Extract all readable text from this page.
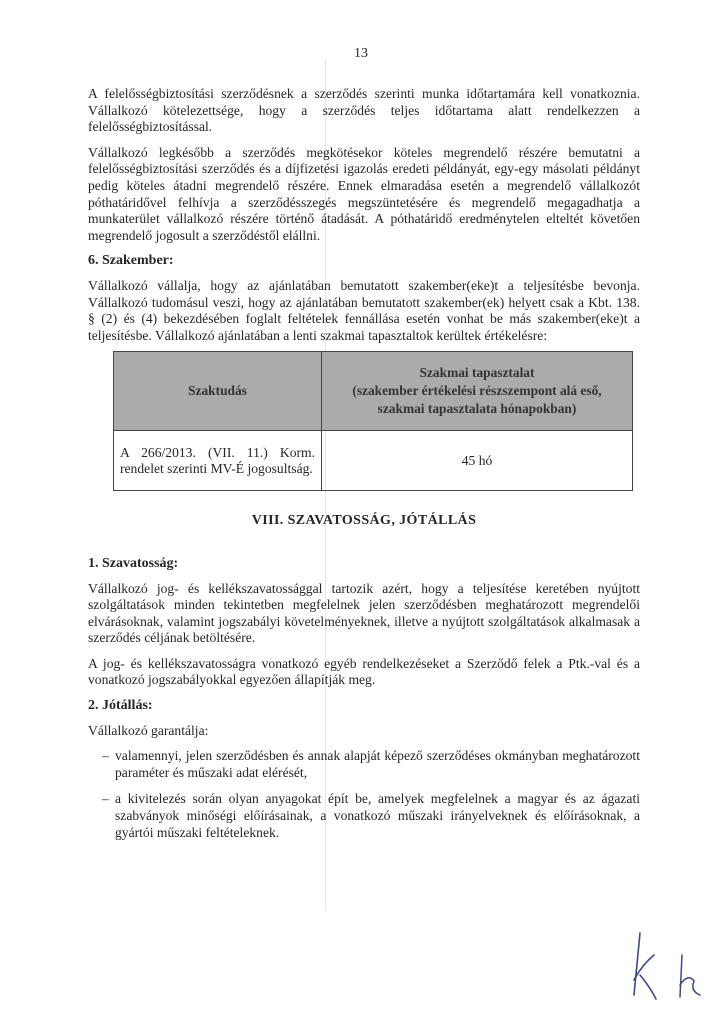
13

A felelősségbiztosítási szerződésnek a szerződés szerinti munka időtartamára kell vonatkoznia. Vállalkozó kötelezettsége, hogy a szerződés teljes időtartama alatt rendelkezzen a felelősségbiztosítással.

Vállalkozó legkésőbb a szerződés megkötésekor köteles megrendelő részére bemutatni a felelősségbiztosítási szerződés és a díjfizetési igazolás eredeti példányát, egy-egy másolati példányt pedig köteles átadni megrendelő részére. Ennek elmaradása esetén a megrendelő vállalkozót póthatáridővel felhívja a szerződésszegés megszüntetésére és megrendelő megagadhatja a munkaterület vállalkozó részére történő átadását. A póthatáridő eredménytelen elteltét követően megrendelő jogosult a szerződéstől elállni.

6. Szakember:

Vállalkozó vállalja, hogy az ajánlatában bemutatott szakember(eke)t a teljesítésbe bevonja. Vállalkozó tudomásul veszi, hogy az ajánlatában bemutatott szakember(ek) helyett csak a Kbt. 138. § (2) és (4) bekezdésében foglalt feltételek fennállása esetén vonhat be más szakember(eke)t a teljesítésbe. Vállalkozó ajánlatában a lenti szakmai tapasztaltok kerültek értékelésre:

Szaktudás	Szakmai tapasztalat
(szakember értékelési részszempont alá eső, szakmai tapasztalata hónapokban)

A 266/2013. (VII. 11.) Korm. rendelet szerinti MV-É jogosultság.	45 hó
VIII. SZAVATOSSÁG, JÓTÁLLÁS
1. Szavatosság:

Vállalkozó jog- és kellékszavatossággal tartozik azért, hogy a teljesítése keretében nyújtott szolgáltatások minden tekintetben megfelelnek jelen szerződésben meghatározott megrendelői elvárásoknak, valamint jogszabályi követelményeknek, illetve a nyújtott szolgáltatások alkalmasak a szerződés céljának betöltésére.

A jog- és kellékszavatosságra vonatkozó egyéb rendelkezéseket a Szerződő felek a Ptk.-val és a vonatkozó jogszabályokkal egyezően állapítják meg.

2. Jótállás:

Vállalkozó garantálja:

– valamennyi, jelen szerződésben és annak alapját képező szerződéses okmányban meghatározott paraméter és műszaki adat elérését,
– a kivitelezés során olyan anyagokat épít be, amelyek megfelelnek a magyar és az ágazati szabványok minőségi előírásainak, a vonatkozó műszaki irányelveknek és előírásoknak, a gyártói műszaki feltételeknek.
